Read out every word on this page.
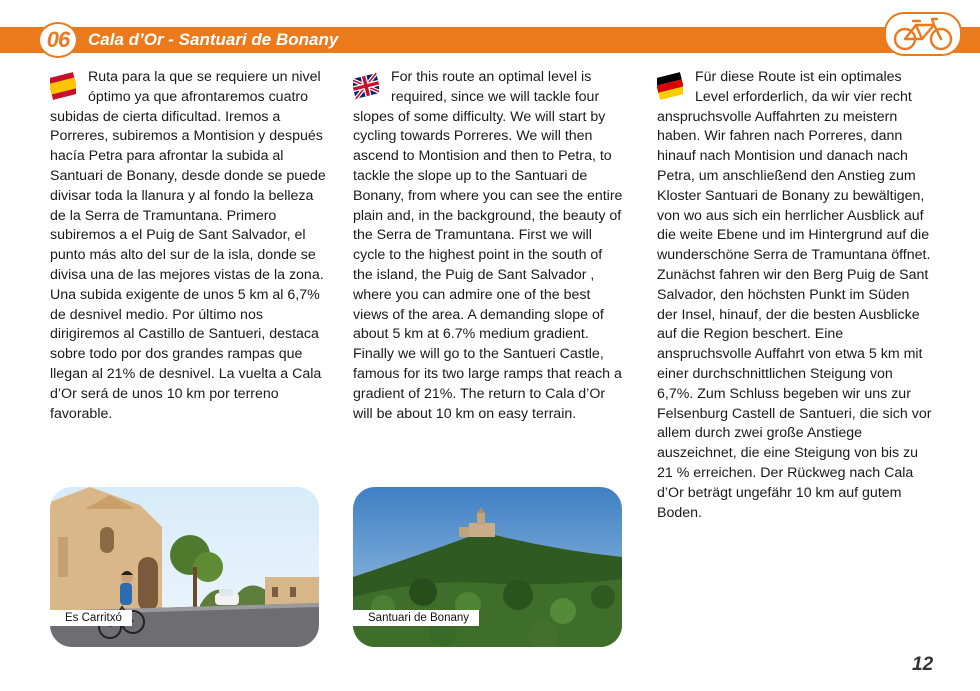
06 Cala d’Or - Santuari de Bonany

Ruta para la que se requiere un nivel óptimo ya que afrontaremos cuatro subidas de cierta dificultad. Iremos a Porreres, subiremos a Montision y después hacía Petra para afrontar la subida al Santuari de Bonany, desde donde se puede divisar toda la llanura y al fondo la belleza de la Serra de Tramuntana. Primero subiremos a el Puig de Sant Salvador, el punto más alto del sur de la isla, donde se divisa una de las mejores vistas de la zona. Una subida exigente de unos 5 km al 6,7% de desnivel medio. Por último nos dirigiremos al Castillo de Santueri, destaca sobre todo por dos grandes rampas que llegan al 21% de desnivel. La vuelta a Cala d’Or será de unos 10 km por terreno favorable.

For this route an optimal level is required, since we will tackle four slopes of some difficulty. We will start by cycling towards Porreres. We will then ascend to Montision and then to Petra, to tackle the slope up to the Santuari de Bonany, from where you can see the entire plain and, in the background, the beauty of the Serra de Tramuntana. First we will cycle to the highest point in the south of the island, the Puig de Sant Salvador , where you can admire one of the best views of the area. A demanding slope of about 5 km at 6.7% medium gradient. Finally we will go to the Santueri Castle, famous for its two large ramps that reach a gradient of 21%. The return to Cala d’Or will be about 10 km on easy terrain.

Für diese Route ist ein optimales Level erforderlich, da wir vier recht anspruchsvolle Auffahrten zu meistern haben. Wir fahren nach Porreres, dann hinauf nach Montision und danach nach Petra, um anschließend den Anstieg zum Kloster Santuari de Bonany zu bewältigen, von wo aus sich ein herrlicher Ausblick auf die weite Ebene und im Hintergrund auf die wunderschöne Serra de Tramuntana öffnet. Zunächst fahren wir den Berg Puig de Sant Salvador, den höchsten Punkt im Süden der Insel, hinauf, der die besten Ausblicke auf die Region beschert. Eine anspruchsvolle Auffahrt von etwa 5 km mit einer durchschnittlichen Steigung von 6,7%. Zum Schluss begeben wir uns zur Felsenburg Castell de Santueri, die sich vor allem durch zwei große Anstiege auszeichnet, die eine Steigung von bis zu 21 % erreichen. Der Rückweg nach Cala d’Or beträgt ungefähr 10 km auf gutem Boden.

Es Carritxó	Santuari de Bonany
12
